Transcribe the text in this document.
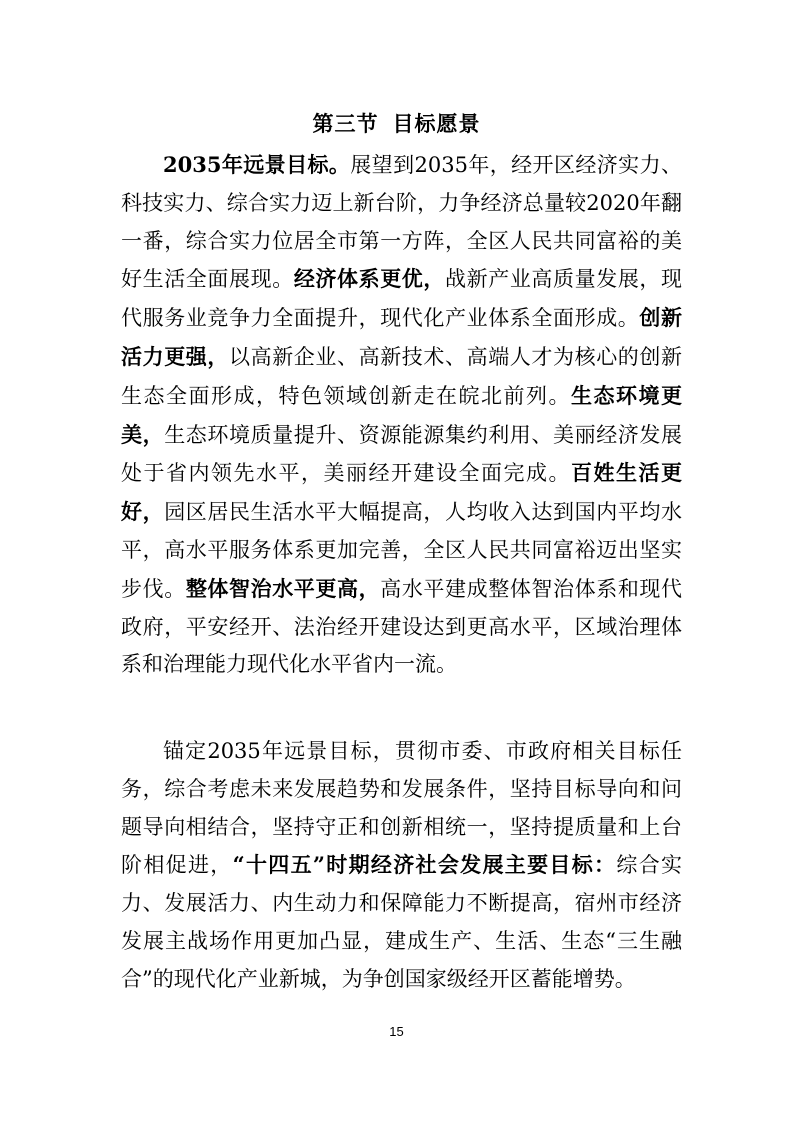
第三节 目标愿景

2035年远景目标。展望到2035年，经开区经济实力、科技实力、综合实力迈上新台阶，力争经济总量较2020年翻一番，综合实力位居全市第一方阵，全区人民共同富裕的美好生活全面展现。经济体系更优，战新产业高质量发展，现代服务业竞争力全面提升，现代化产业体系全面形成。创新活力更强，以高新企业、高新技术、高端人才为核心的创新生态全面形成，特色领域创新走在皖北前列。生态环境更美，生态环境质量提升、资源能源集约利用、美丽经济发展处于省内领先水平，美丽经开建设全面完成。百姓生活更好，园区居民生活水平大幅提高，人均收入达到国内平均水平，高水平服务体系更加完善，全区人民共同富裕迈出坚实步伐。整体智治水平更高，高水平建成整体智治体系和现代政府，平安经开、法治经开建设达到更高水平，区域治理体系和治理能力现代化水平省内一流。

锚定2035年远景目标，贯彻市委、市政府相关目标任务，综合考虑未来发展趋势和发展条件，坚持目标导向和问题导向相结合，坚持守正和创新相统一，坚持提质量和上台阶相促进，“十四五”时期经济社会发展主要目标：综合实力、发展活力、内生动力和保障能力不断提高，宿州市经济发展主战场作用更加凸显，建成生产、生活、生态“三生融合”的现代化产业新城，为争创国家级经开区蓄能增势。

15
